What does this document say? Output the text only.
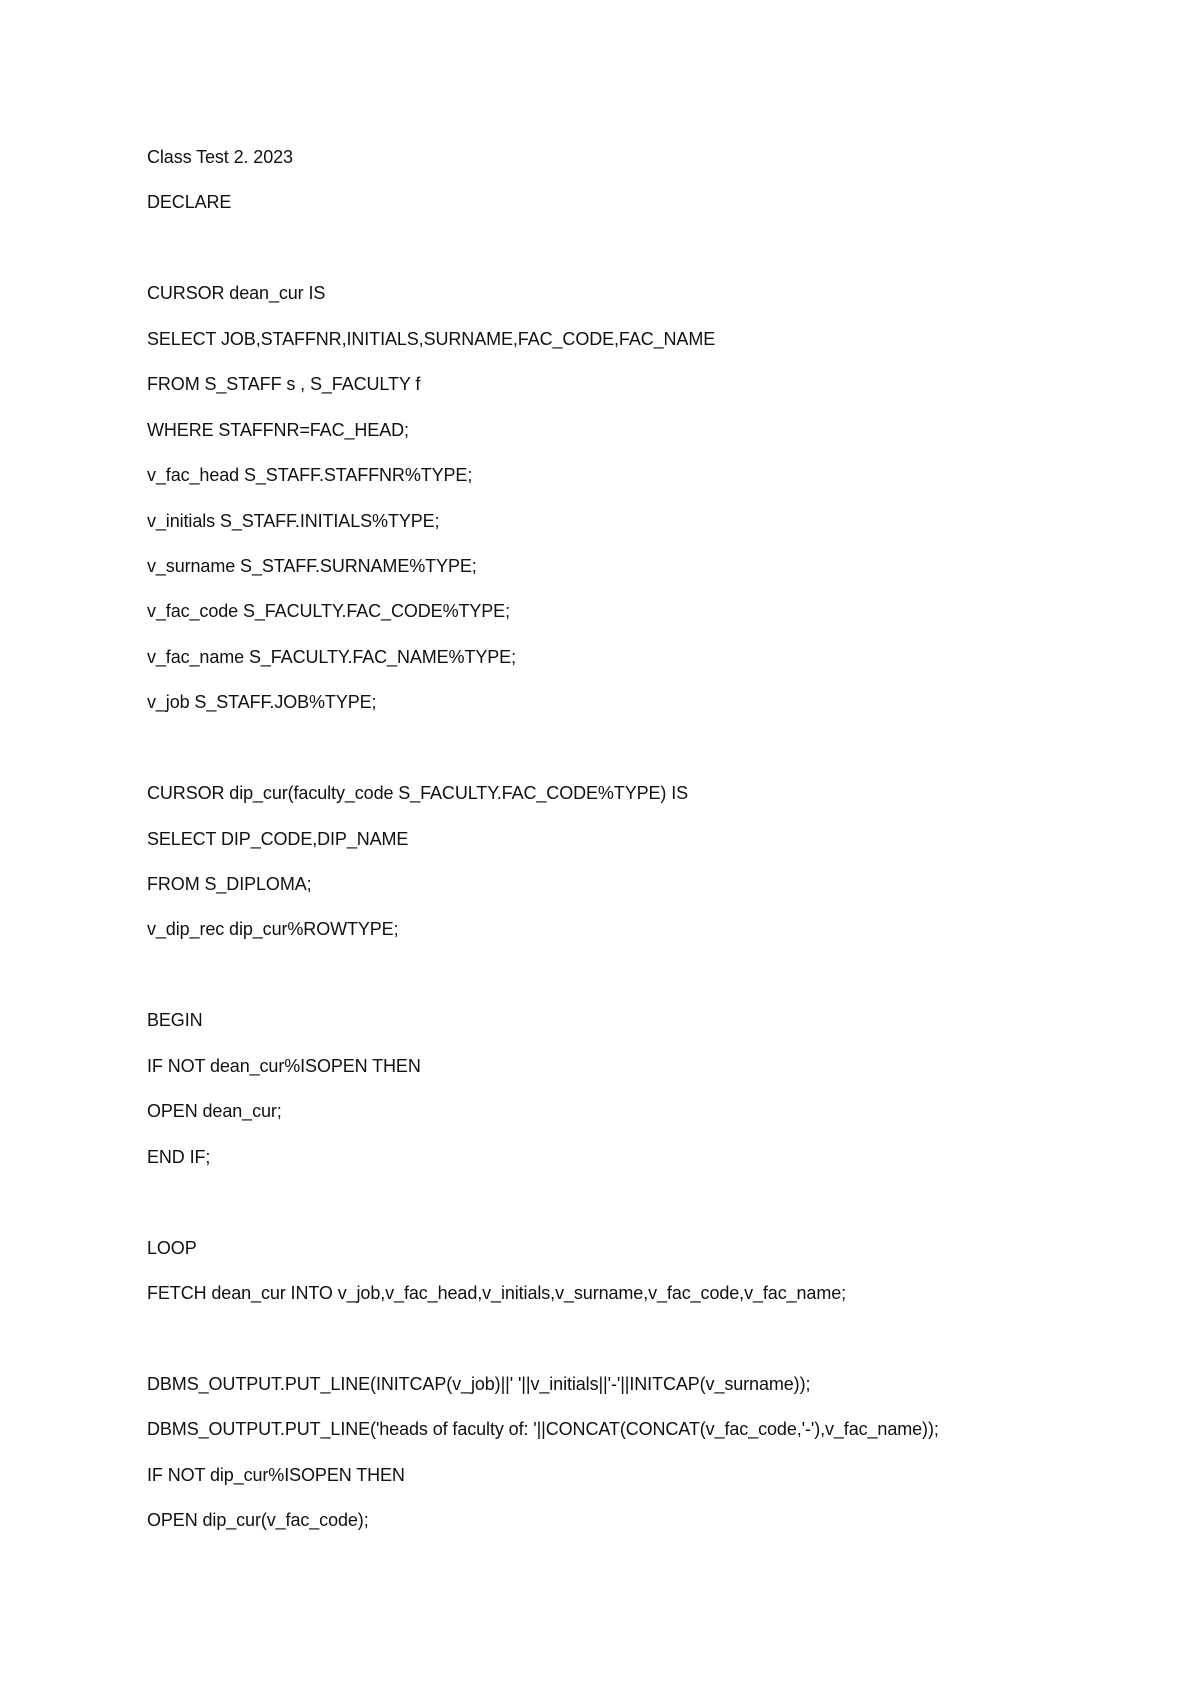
Class Test 2. 2023
DECLARE
CURSOR dean_cur IS
SELECT JOB,STAFFNR,INITIALS,SURNAME,FAC_CODE,FAC_NAME
FROM S_STAFF s , S_FACULTY f
WHERE STAFFNR=FAC_HEAD;
v_fac_head S_STAFF.STAFFNR%TYPE;
v_initials S_STAFF.INITIALS%TYPE;
v_surname S_STAFF.SURNAME%TYPE;
v_fac_code S_FACULTY.FAC_CODE%TYPE;
v_fac_name S_FACULTY.FAC_NAME%TYPE;
v_job S_STAFF.JOB%TYPE;
CURSOR dip_cur(faculty_code S_FACULTY.FAC_CODE%TYPE) IS
SELECT DIP_CODE,DIP_NAME
FROM S_DIPLOMA;
v_dip_rec dip_cur%ROWTYPE;
BEGIN
IF NOT dean_cur%ISOPEN THEN
OPEN dean_cur;
END IF;
LOOP
FETCH dean_cur INTO v_job,v_fac_head,v_initials,v_surname,v_fac_code,v_fac_name;
DBMS_OUTPUT.PUT_LINE(INITCAP(v_job)||' '||v_initials||'-'||INITCAP(v_surname));
DBMS_OUTPUT.PUT_LINE('heads of faculty of: '||CONCAT(CONCAT(v_fac_code,'-'),v_fac_name));
IF NOT dip_cur%ISOPEN THEN
OPEN dip_cur(v_fac_code);
